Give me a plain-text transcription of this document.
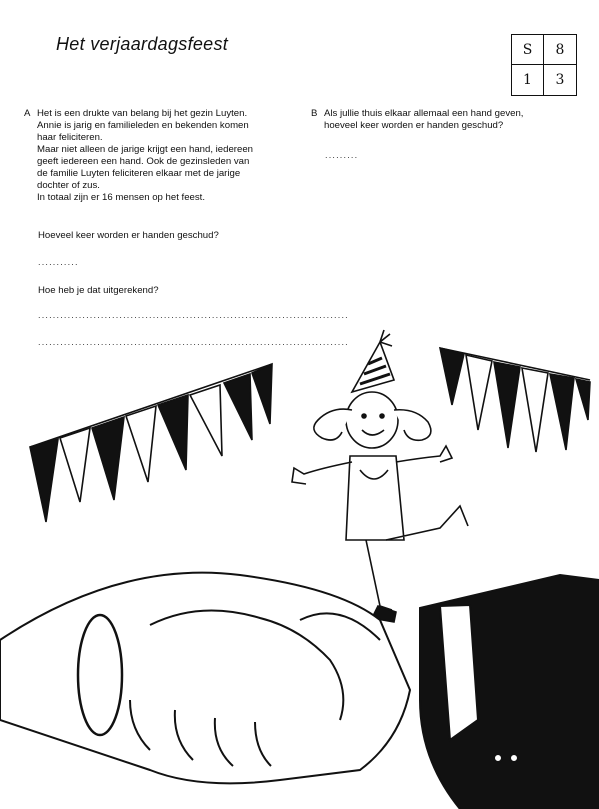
Het verjaardagsfeest	S	8
1	3
A Het is een drukte van belang bij het gezin Luyten.

Annie is jarig en familieleden en bekenden komen

haar feliciteren.

Maar niet alleen de jarige krijgt een hand, iedereen

geeft iedereen een hand. Ook de gezinsleden van

de familie Luyten feliciteren elkaar met de jarige

dochter of zus.

In totaal zijn er 16 mensen op het feest.

Hoeveel keer worden er handen geschud?
...........
Hoe heb je dat uitgerekend?
....................................................................................
....................................................................................
B Als jullie thuis elkaar allemaal een hand geven,

hoeveel keer worden er handen geschud?

.........
